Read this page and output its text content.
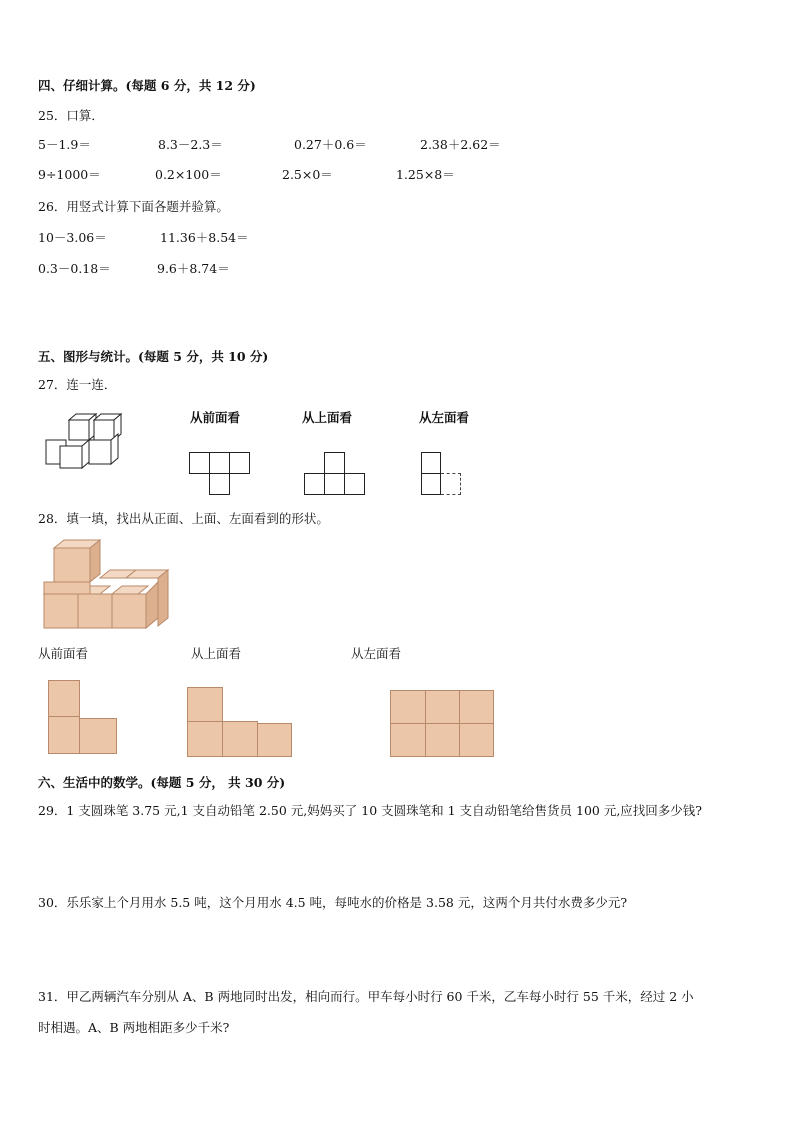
四、仔细计算。(每题 6 分，共 12 分)
25．口算．
5－1.9＝	8.3－2.3＝	0.27＋0.6＝	2.38＋2.62＝
9÷1000＝	0.2×100＝	2.5×0＝	1.25×8＝
26．用竖式计算下面各题并验算。
10－3.06＝	11.36＋8.54＝
0.3－0.18＝	9.6＋8.74＝
五、图形与统计。(每题 5 分，共 10 分)
27．连一连．
从前面看	从上面看	从左面看
28．填一填，找出从正面、上面、左面看到的形状。
从前面看	从上面看	从左面看
六、生活中的数学。(每题 5 分， 共 30 分)
29．1 支圆珠笔 3.75 元,1 支自动铅笔 2.50 元,妈妈买了 10 支圆珠笔和 1 支自动铅笔给售货员 100 元,应找回多少钱?
30．乐乐家上个月用水 5.5 吨，这个月用水 4.5 吨，每吨水的价格是 3.58 元，这两个月共付水费多少元?
31．甲乙两辆汽车分别从 A、B 两地同时出发，相向而行。甲车每小时行 60 千米，乙车每小时行 55 千米，经过 2 小
时相遇。A、B 两地相距多少千米?
